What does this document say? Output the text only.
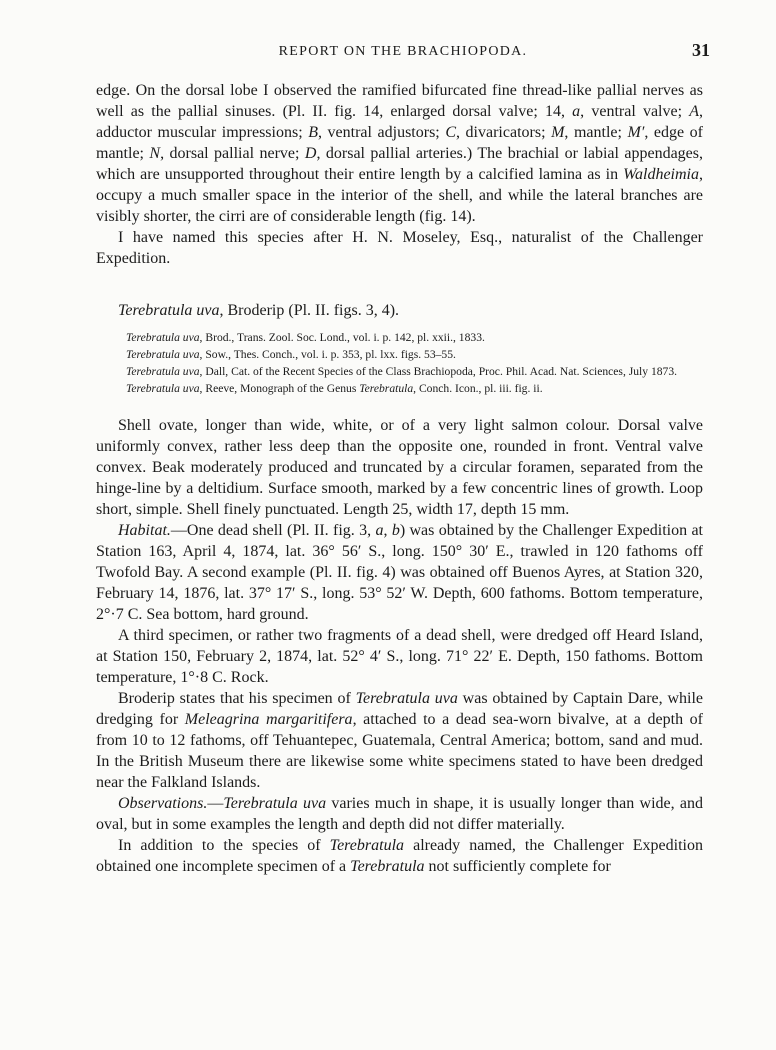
REPORT ON THE BRACHIOPODA.	31

edge. On the dorsal lobe I observed the ramified bifurcated fine thread-like pallial nerves as well as the pallial sinuses. (Pl. II. fig. 14, enlarged dorsal valve; 14, a, ventral valve; A, adductor muscular impressions; B, ventral adjustors; C, divaricators; M, mantle; M′, edge of mantle; N, dorsal pallial nerve; D, dorsal pallial arteries.) The brachial or labial appendages, which are unsupported throughout their entire length by a calcified lamina as in Waldheimia, occupy a much smaller space in the interior of the shell, and while the lateral branches are visibly shorter, the cirri are of considerable length (fig. 14).

I have named this species after H. N. Moseley, Esq., naturalist of the Challenger Expedition.

Terebratula uva, Broderip (Pl. II. figs. 3, 4).

Terebratula uva, Brod., Trans. Zool. Soc. Lond., vol. i. p. 142, pl. xxii., 1833.

Terebratula uva, Sow., Thes. Conch., vol. i. p. 353, pl. lxx. figs. 53–55.

Terebratula uva, Dall, Cat. of the Recent Species of the Class Brachiopoda, Proc. Phil. Acad. Nat. Sciences, July 1873.

Terebratula uva, Reeve, Monograph of the Genus Terebratula, Conch. Icon., pl. iii. fig. ii.

Shell ovate, longer than wide, white, or of a very light salmon colour. Dorsal valve uniformly convex, rather less deep than the opposite one, rounded in front. Ventral valve convex. Beak moderately produced and truncated by a circular foramen, separated from the hinge-line by a deltidium. Surface smooth, marked by a few concentric lines of growth. Loop short, simple. Shell finely punctuated. Length 25, width 17, depth 15 mm.

Habitat.—One dead shell (Pl. II. fig. 3, a, b) was obtained by the Challenger Expedition at Station 163, April 4, 1874, lat. 36° 56′ S., long. 150° 30′ E., trawled in 120 fathoms off Twofold Bay. A second example (Pl. II. fig. 4) was obtained off Buenos Ayres, at Station 320, February 14, 1876, lat. 37° 17′ S., long. 53° 52′ W. Depth, 600 fathoms. Bottom temperature, 2°·7 C. Sea bottom, hard ground.

A third specimen, or rather two fragments of a dead shell, were dredged off Heard Island, at Station 150, February 2, 1874, lat. 52° 4′ S., long. 71° 22′ E. Depth, 150 fathoms. Bottom temperature, 1°·8 C. Rock.

Broderip states that his specimen of Terebratula uva was obtained by Captain Dare, while dredging for Meleagrina margaritifera, attached to a dead sea-worn bivalve, at a depth of from 10 to 12 fathoms, off Tehuantepec, Guatemala, Central America; bottom, sand and mud. In the British Museum there are likewise some white specimens stated to have been dredged near the Falkland Islands.

Observations.—Terebratula uva varies much in shape, it is usually longer than wide, and oval, but in some examples the length and depth did not differ materially.

In addition to the species of Terebratula already named, the Challenger Expedition obtained one incomplete specimen of a Terebratula not sufficiently complete for
